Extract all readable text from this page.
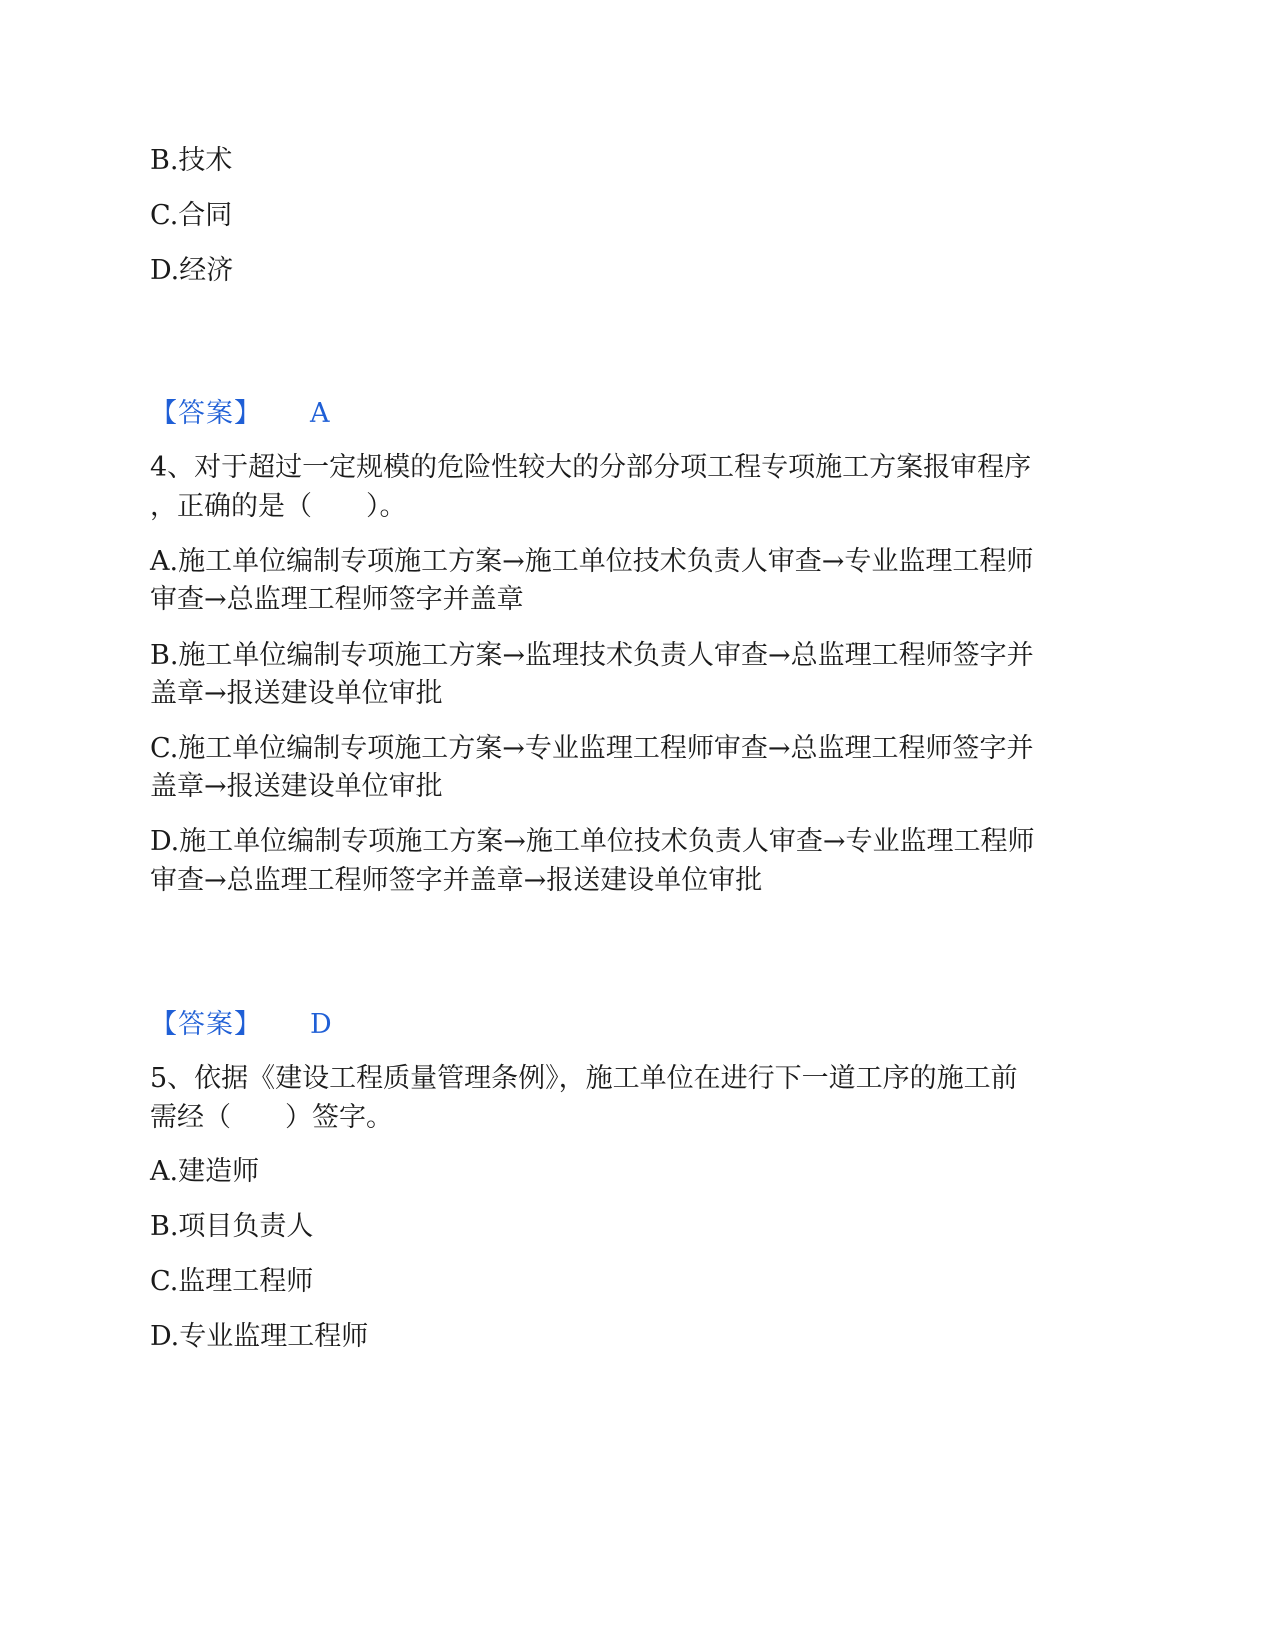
B.技术
C.合同
D.经济
【答案】 A
4、对于超过一定规模的危险性较大的分部分项工程专项施工方案报审程序
，正确的是（　　）。
A.施工单位编制专项施工方案→施工单位技术负责人审查→专业监理工程师
审查→总监理工程师签字并盖章
B.施工单位编制专项施工方案→监理技术负责人审查→总监理工程师签字并
盖章→报送建设单位审批
C.施工单位编制专项施工方案→专业监理工程师审查→总监理工程师签字并
盖章→报送建设单位审批
D.施工单位编制专项施工方案→施工单位技术负责人审查→专业监理工程师
审查→总监理工程师签字并盖章→报送建设单位审批
【答案】 D
5、依据《建设工程质量管理条例》，施工单位在进行下一道工序的施工前
需经（　　）签字。
A.建造师
B.项目负责人
C.监理工程师
D.专业监理工程师
